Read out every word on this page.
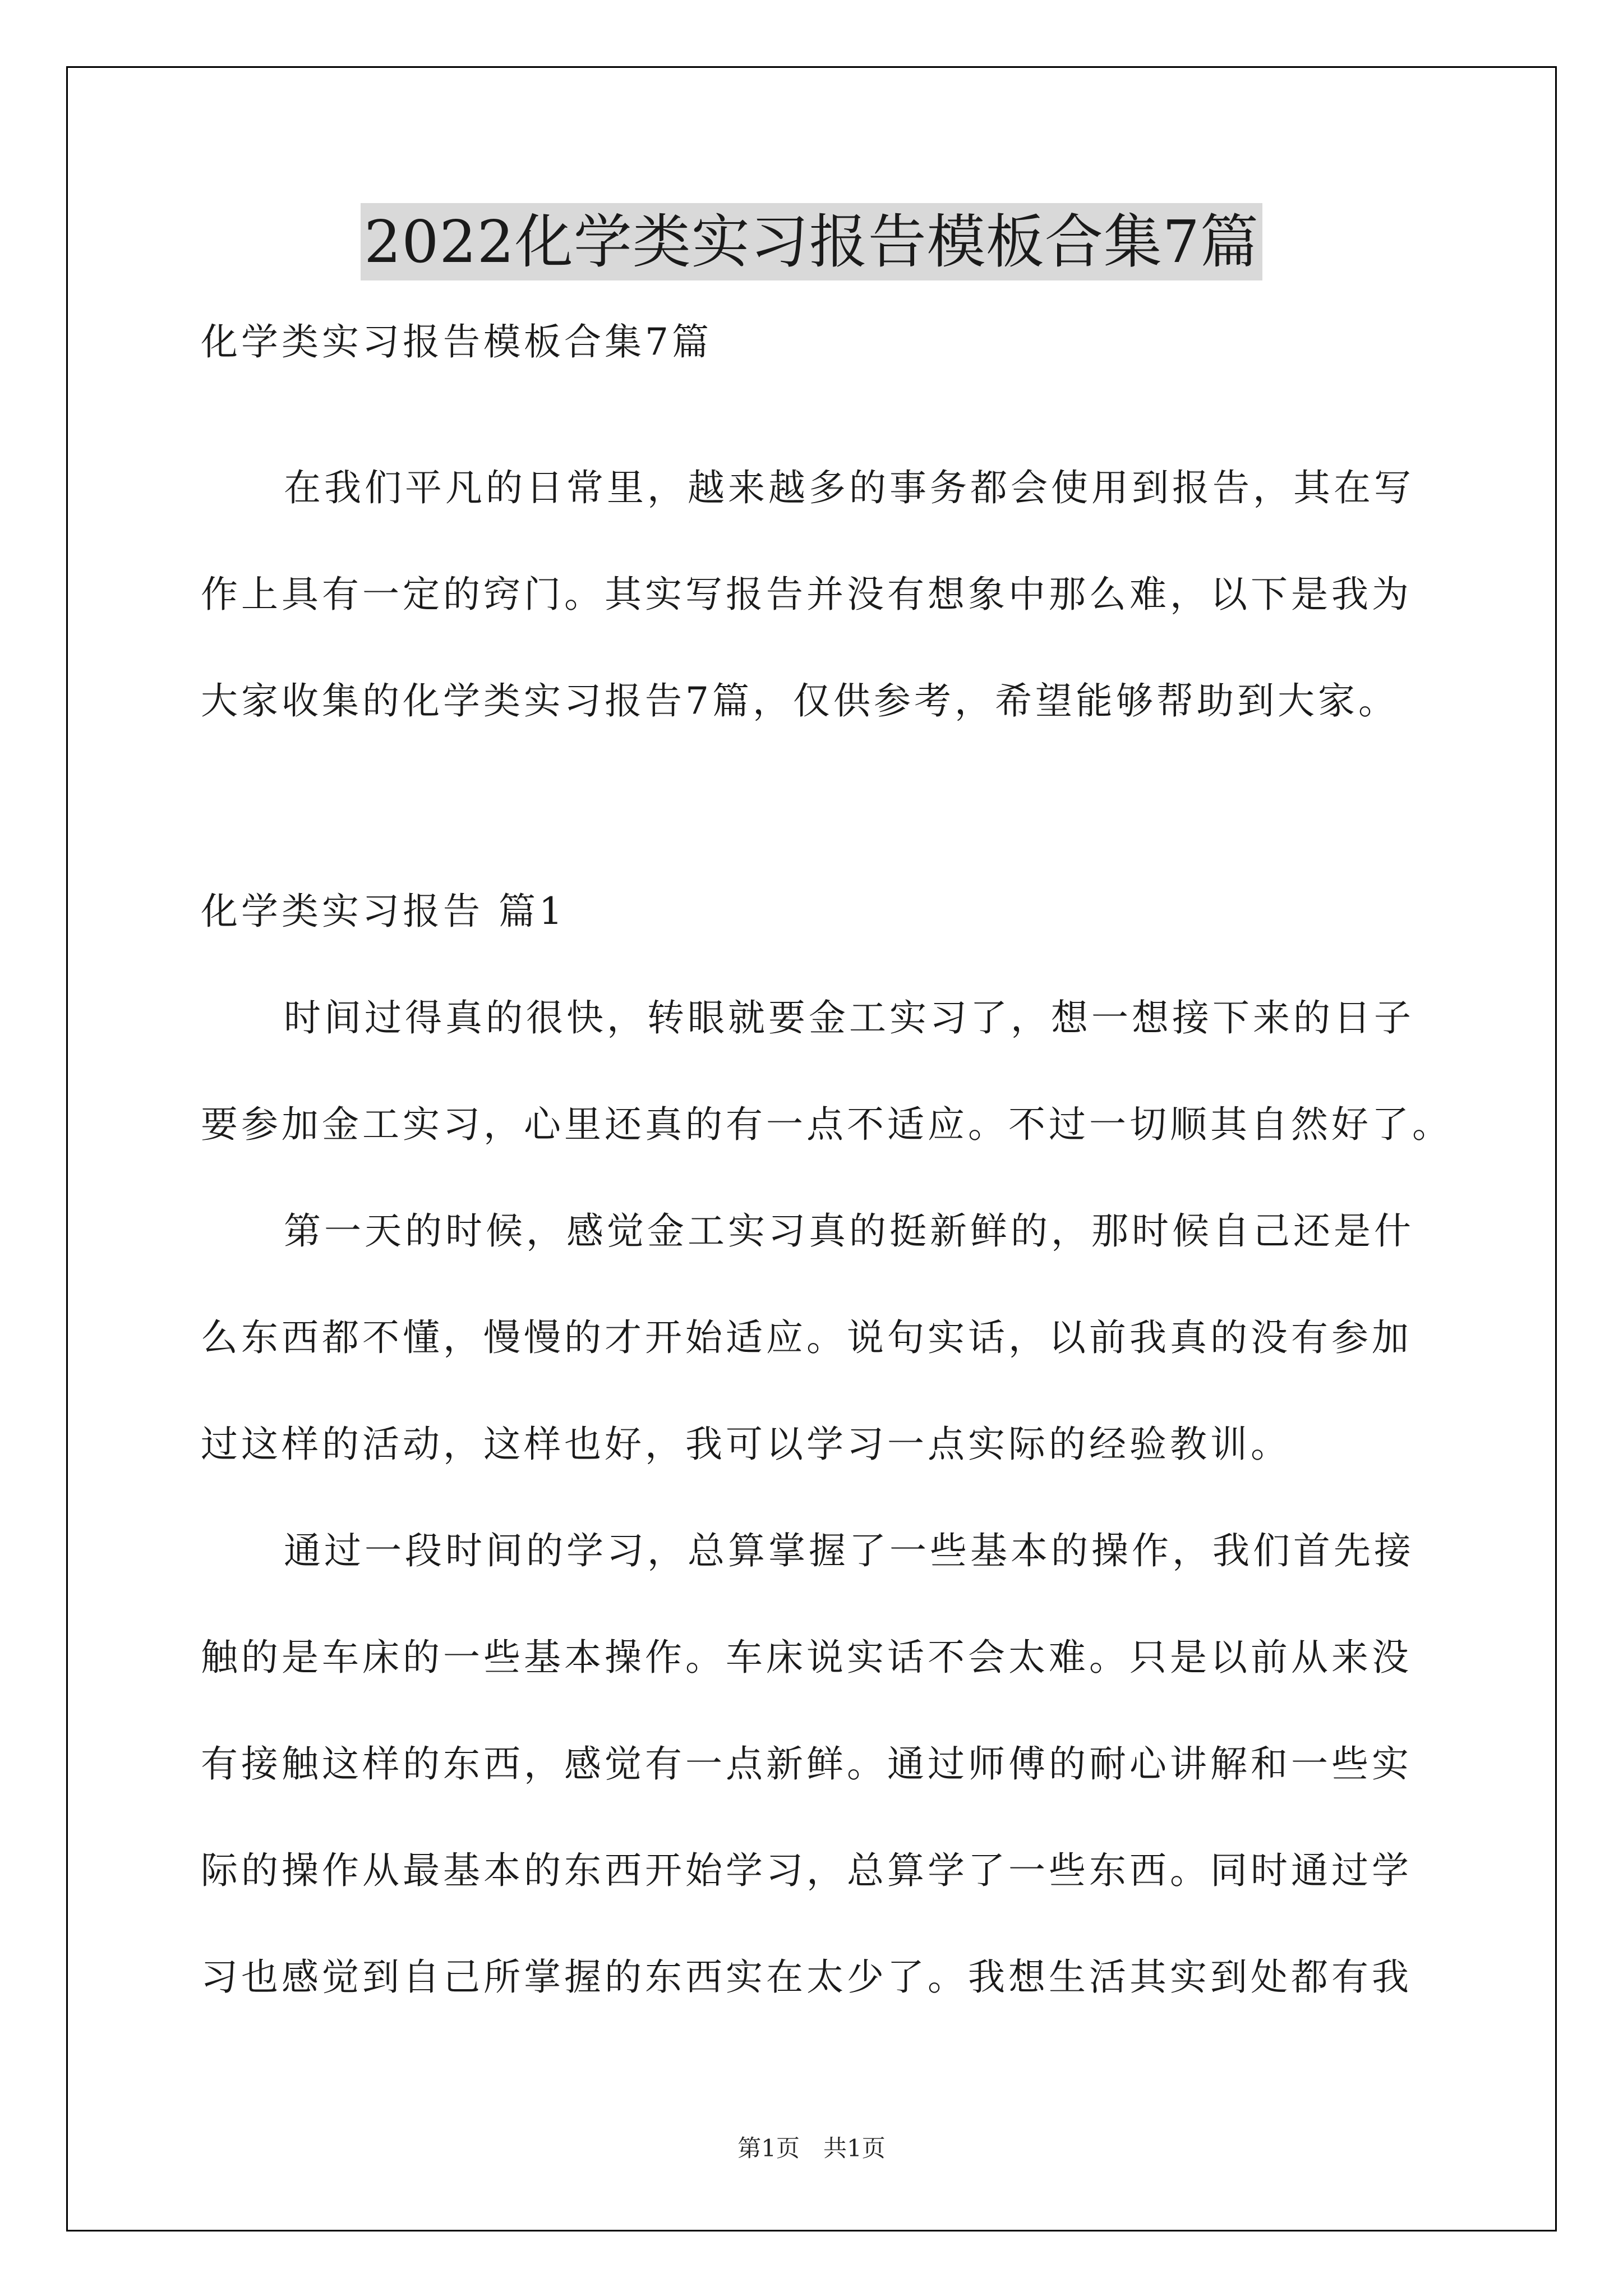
2022化学类实习报告模板合集7篇
化学类实习报告模板合集7篇
在我们平凡的日常里，越来越多的事务都会使用到报告，其在写
作上具有一定的窍门。其实写报告并没有想象中那么难，以下是我为
大家收集的化学类实习报告7篇，仅供参考，希望能够帮助到大家。
化学类实习报告 篇1
时间过得真的很快，转眼就要金工实习了，想一想接下来的日子
要参加金工实习，心里还真的有一点不适应。不过一切顺其自然好了。
第一天的时候，感觉金工实习真的挺新鲜的，那时候自己还是什
么东西都不懂，慢慢的才开始适应。说句实话，以前我真的没有参加
过这样的活动，这样也好，我可以学习一点实际的经验教训。
通过一段时间的学习，总算掌握了一些基本的操作，我们首先接
触的是车床的一些基本操作。车床说实话不会太难。只是以前从来没
有接触这样的东西，感觉有一点新鲜。通过师傅的耐心讲解和一些实
际的操作从最基本的东西开始学习，总算学了一些东西。同时通过学
习也感觉到自己所掌握的东西实在太少了。我想生活其实到处都有我
第1页　共1页
